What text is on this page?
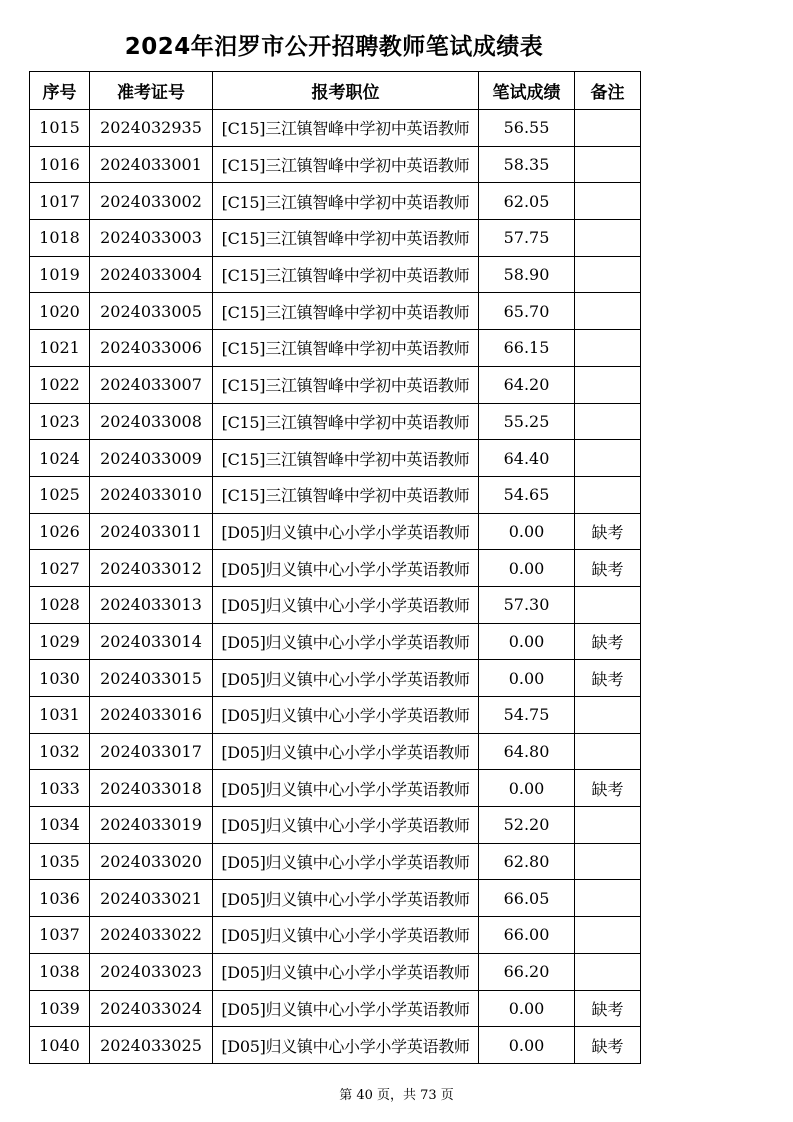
2024年汨罗市公开招聘教师笔试成绩表
序号	准考证号	报考职位	笔试成绩	备注
1015	2024032935	[C15]三江镇智峰中学初中英语教师	56.55	
1016	2024033001	[C15]三江镇智峰中学初中英语教师	58.35	
1017	2024033002	[C15]三江镇智峰中学初中英语教师	62.05	
1018	2024033003	[C15]三江镇智峰中学初中英语教师	57.75	
1019	2024033004	[C15]三江镇智峰中学初中英语教师	58.90	
1020	2024033005	[C15]三江镇智峰中学初中英语教师	65.70	
1021	2024033006	[C15]三江镇智峰中学初中英语教师	66.15	
1022	2024033007	[C15]三江镇智峰中学初中英语教师	64.20	
1023	2024033008	[C15]三江镇智峰中学初中英语教师	55.25	
1024	2024033009	[C15]三江镇智峰中学初中英语教师	64.40	
1025	2024033010	[C15]三江镇智峰中学初中英语教师	54.65	
1026	2024033011	[D05]归义镇中心小学小学英语教师	0.00	缺考
1027	2024033012	[D05]归义镇中心小学小学英语教师	0.00	缺考
1028	2024033013	[D05]归义镇中心小学小学英语教师	57.30	
1029	2024033014	[D05]归义镇中心小学小学英语教师	0.00	缺考
1030	2024033015	[D05]归义镇中心小学小学英语教师	0.00	缺考
1031	2024033016	[D05]归义镇中心小学小学英语教师	54.75	
1032	2024033017	[D05]归义镇中心小学小学英语教师	64.80	
1033	2024033018	[D05]归义镇中心小学小学英语教师	0.00	缺考
1034	2024033019	[D05]归义镇中心小学小学英语教师	52.20	
1035	2024033020	[D05]归义镇中心小学小学英语教师	62.80	
1036	2024033021	[D05]归义镇中心小学小学英语教师	66.05	
1037	2024033022	[D05]归义镇中心小学小学英语教师	66.00	
1038	2024033023	[D05]归义镇中心小学小学英语教师	66.20	
1039	2024033024	[D05]归义镇中心小学小学英语教师	0.00	缺考
1040	2024033025	[D05]归义镇中心小学小学英语教师	0.00	缺考
第 40 页，共 73 页
